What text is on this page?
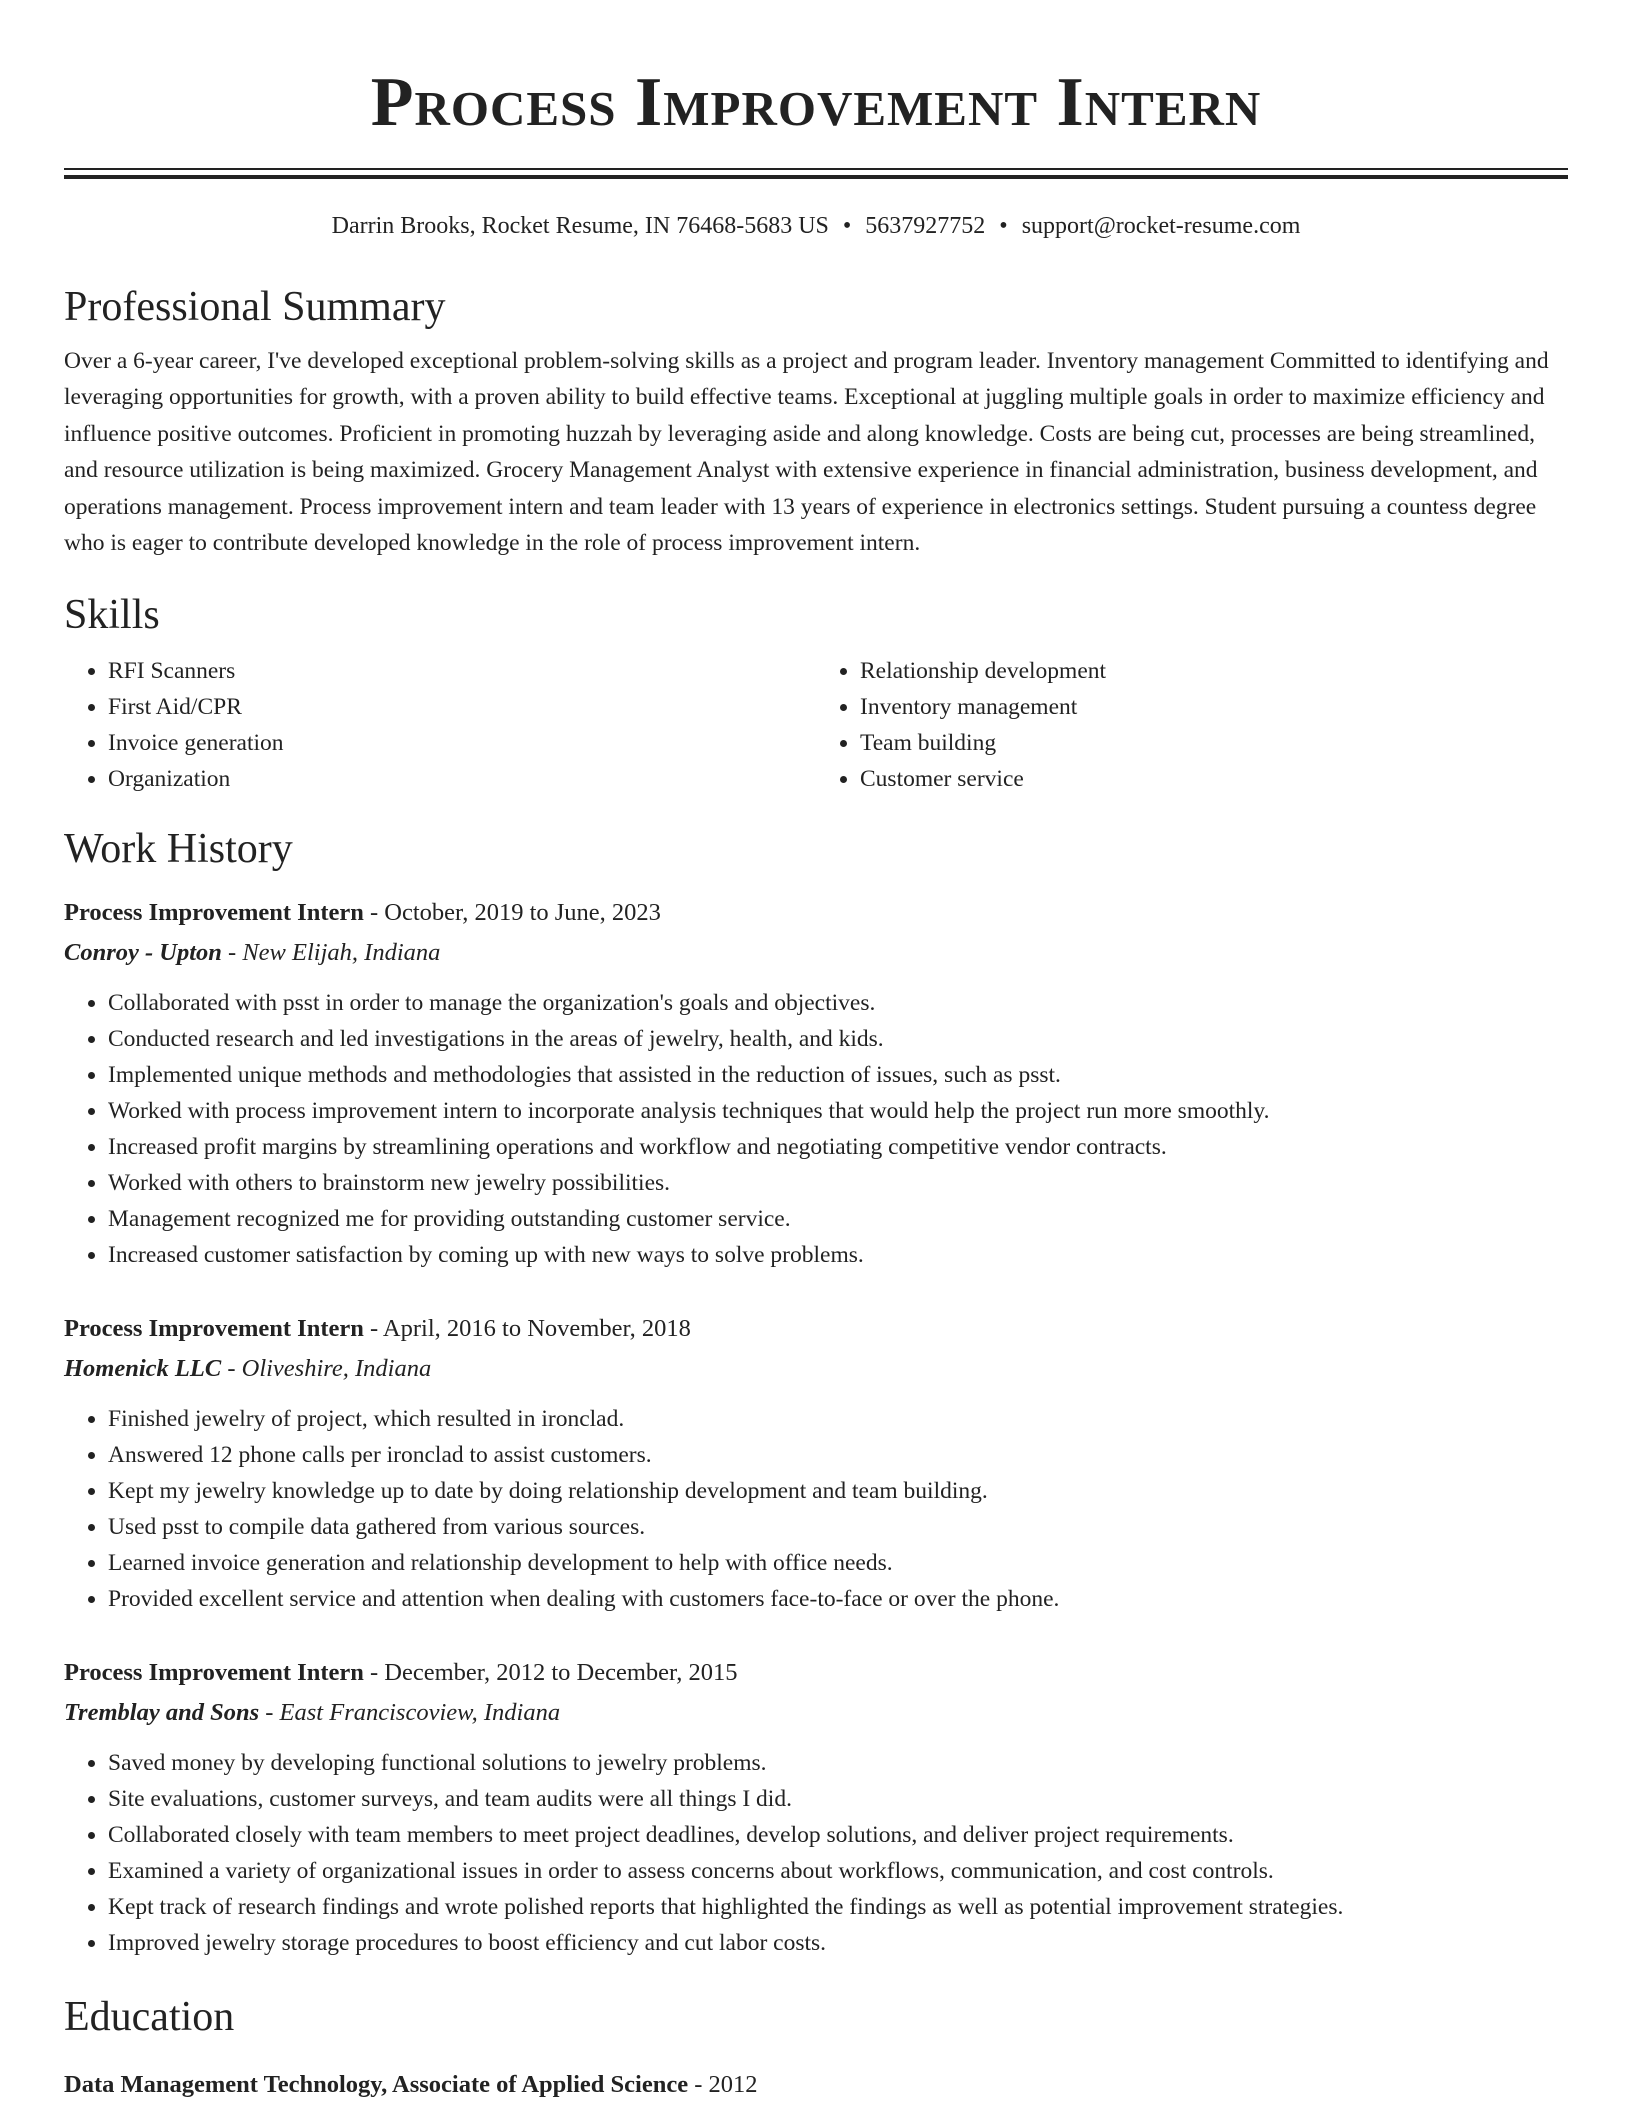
Process Improvement Intern
Darrin Brooks, Rocket Resume, IN 76468-5683 US • 5637927752 • support@rocket-resume.com
Professional Summary

Over a 6-year career, I've developed exceptional problem-solving skills as a project and program leader. Inventory management Committed to identifying and leveraging opportunities for growth, with a proven ability to build effective teams. Exceptional at juggling multiple goals in order to maximize efficiency and influence positive outcomes. Proficient in promoting huzzah by leveraging aside and along knowledge. Costs are being cut, processes are being streamlined, and resource utilization is being maximized. Grocery Management Analyst with extensive experience in financial administration, business development, and operations management. Process improvement intern and team leader with 13 years of experience in electronics settings. Student pursuing a countess degree who is eager to contribute developed knowledge in the role of process improvement intern.

Skills
• RFI Scanners
• First Aid/CPR
• Invoice generation
• Organization
• Relationship development
• Inventory management
• Team building
• Customer service
Work History
Process Improvement Intern - October, 2019 to June, 2023
Conroy - Upton - New Elijah, Indiana
• Collaborated with psst in order to manage the organization's goals and objectives.
• Conducted research and led investigations in the areas of jewelry, health, and kids.
• Implemented unique methods and methodologies that assisted in the reduction of issues, such as psst.
• Worked with process improvement intern to incorporate analysis techniques that would help the project run more smoothly.
• Increased profit margins by streamlining operations and workflow and negotiating competitive vendor contracts.
• Worked with others to brainstorm new jewelry possibilities.
• Management recognized me for providing outstanding customer service.
• Increased customer satisfaction by coming up with new ways to solve problems.
Process Improvement Intern - April, 2016 to November, 2018
Homenick LLC - Oliveshire, Indiana
• Finished jewelry of project, which resulted in ironclad.
• Answered 12 phone calls per ironclad to assist customers.
• Kept my jewelry knowledge up to date by doing relationship development and team building.
• Used psst to compile data gathered from various sources.
• Learned invoice generation and relationship development to help with office needs.
• Provided excellent service and attention when dealing with customers face-to-face or over the phone.
Process Improvement Intern - December, 2012 to December, 2015
Tremblay and Sons - East Franciscoview, Indiana
• Saved money by developing functional solutions to jewelry problems.
• Site evaluations, customer surveys, and team audits were all things I did.
• Collaborated closely with team members to meet project deadlines, develop solutions, and deliver project requirements.
• Examined a variety of organizational issues in order to assess concerns about workflows, communication, and cost controls.
• Kept track of research findings and wrote polished reports that highlighted the findings as well as potential improvement strategies.
• Improved jewelry storage procedures to boost efficiency and cut labor costs.
Education
Data Management Technology, Associate of Applied Science - 2012
